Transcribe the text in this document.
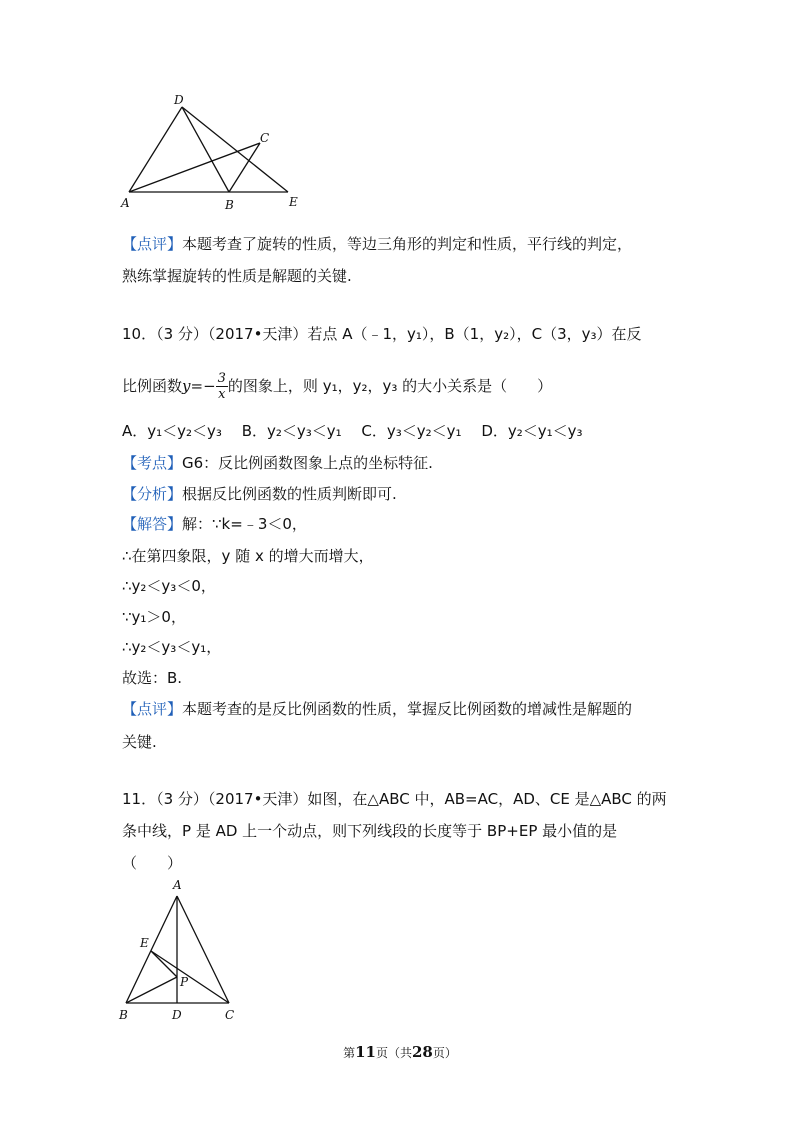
D
C
A	B	E
【点评】本题考查了旋转的性质，等边三角形的判定和性质，平行线的判定，
熟练掌握旋转的性质是解题的关键.
10．（3 分）（2017•天津）若点 A（﹣1，y₁），B（1，y₂），C（3，y₃）在反
比例函数$y=- \frac{3}{x}$ 的图象上，则 y₁，y₂，y₃ 的大小关系是（　　）
A．y₁＜y₂＜y₃　 B．y₂＜y₃＜y₁　 C．y₃＜y₂＜y₁　 D．y₂＜y₁＜y₃
【考点】G6：反比例函数图象上点的坐标特征.
【分析】根据反比例函数的性质判断即可.
【解答】解：∵k=﹣3＜0，
∴在第四象限，y 随 x 的增大而增大，
∴y₂＜y₃＜0，
∵y₁＞0，
∴y₂＜y₃＜y₁，
故选：B.
【点评】本题考查的是反比例函数的性质，掌握反比例函数的增减性是解题的
关键.
11．（3 分）（2017•天津）如图，在△ABC 中，AB=AC，AD、CE 是△ABC 的两
条中线，P 是 AD 上一个动点，则下列线段的长度等于 BP+EP 最小值的是
（　　）
A
E
P
B	D	C
第11页（共28页）
